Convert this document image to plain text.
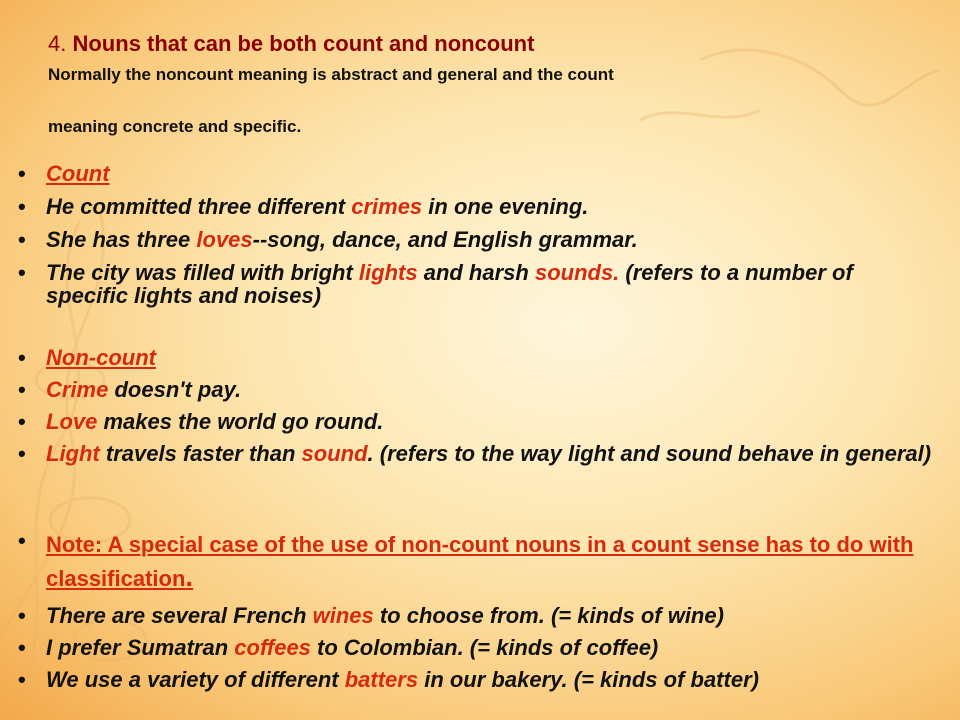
4. Nouns that can be both count and noncount
Normally the noncount meaning is abstract and general and the count
meaning concrete and specific.
• Count
• He committed three different crimes in one evening.
• She has three loves--song, dance, and English grammar.
• The city was filled with bright lights and harsh sounds. (refers to a number of specific lights and noises)
• Non-count
• Crime doesn't pay.
• Love makes the world go round.
• Light travels faster than sound. (refers to the way light and sound behave in general)
• Note: A special case of the use of non-count nouns in a count sense has to do with classification.
• There are several French wines to choose from. (= kinds of wine)
• I prefer Sumatran coffees to Colombian. (= kinds of coffee)
• We use a variety of different batters in our bakery. (= kinds of batter)
